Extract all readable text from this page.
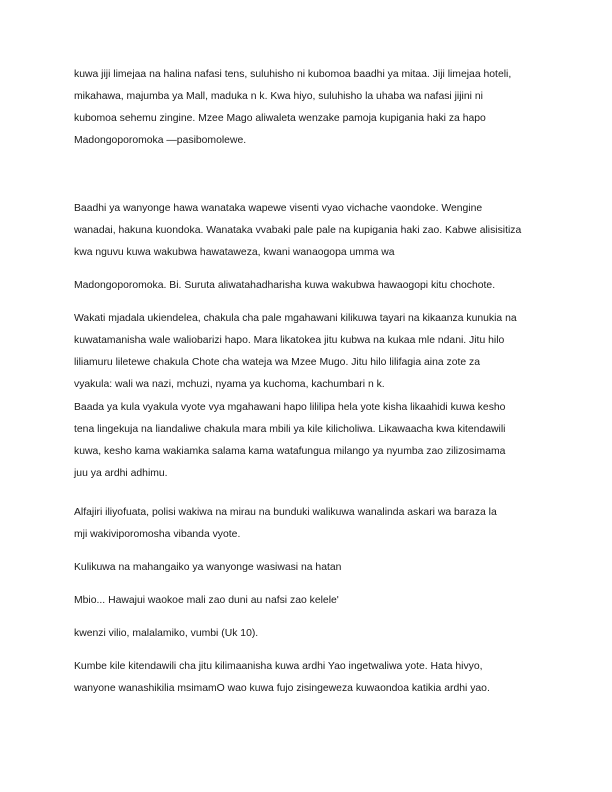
kuwa jiji limejaa na halina nafasi tens, suluhisho ni kubomoa baadhi ya mitaa. Jiji limejaa hoteli,
mikahawa, majumba ya Mall, maduka n k. Kwa hiyo, suluhisho la uhaba wa nafasi jijini ni
kubomoa sehemu zingine. Mzee Mago aliwaleta wenzake pamoja kupigania haki za hapo
Madongoporomoka —pasibomolewe.
Baadhi ya wanyonge hawa wanataka wapewe visenti vyao vichache vaondoke. Wengine
wanadai, hakuna kuondoka. Wanataka vvabaki pale pale na kupigania haki zao. Kabwe alisisitiza
kwa nguvu kuwa wakubwa hawataweza, kwani wanaogopa umma wa
Madongoporomoka. Bi. Suruta aliwatahadharisha kuwa wakubwa hawaogopi kitu chochote.
Wakati mjadala ukiendelea, chakula cha pale mgahawani kilikuwa tayari na kikaanza kunukia na
kuwatamanisha wale waliobarizi hapo. Mara likatokea jitu kubwa na kukaa mle ndani. Jitu hilo
liliamuru liletewe chakula Chote cha wateja wa Mzee Mugo. Jitu hilo lilifagia aina zote za
vyakula: wali wa nazi, mchuzi, nyama ya kuchoma, kachumbari n k.
Baada ya kula vyakula vyote vya mgahawani hapo lililipa hela yote kisha likaahidi kuwa kesho
tena lingekuja na liandaliwe chakula mara mbili ya kile kilicholiwa. Likawaacha kwa kitendawili
kuwa, kesho kama wakiamka salama kama watafungua milango ya nyumba zao zilizosimama
juu ya ardhi adhimu.
Alfajiri iliyofuata, polisi wakiwa na mirau na bunduki walikuwa wanalinda askari wa baraza la
mji wakiviporomosha vibanda vyote.
Kulikuwa na mahangaiko ya wanyonge wasiwasi na hatan
Mbio... Hawajui waokoe mali zao duni au nafsi zao kelele'
kwenzi vilio, malalamiko, vumbi (Uk 10).
Kumbe kile kitendawili cha jitu kilimaanisha kuwa ardhi Yao ingetwaliwa yote. Hata hivyo,
wanyone wanashikilia msimamO wao kuwa fujo zisingeweza kuwaondoa katikia ardhi yao.
